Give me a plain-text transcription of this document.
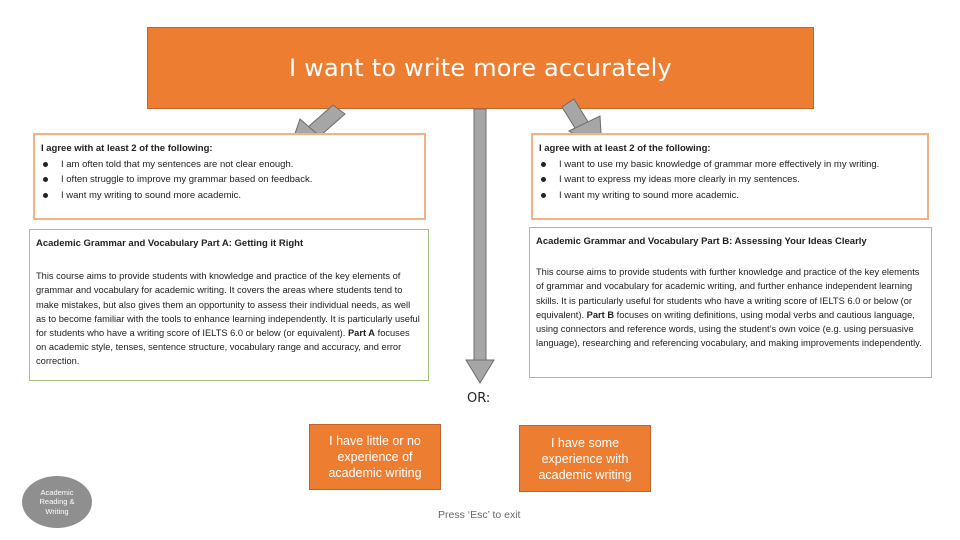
I want to write more accurately
I agree with at least 2 of the following:
I am often told that my sentences are not clear enough.
I often struggle to improve my grammar based on feedback.
I want my writing to sound more academic.
I agree with at least 2 of the following:
I want to use my basic knowledge of grammar more effectively in my writing.
I want to express my ideas more clearly in my sentences.
I want my writing to sound more academic.
Academic Grammar and Vocabulary Part A: Getting it Right
This course aims to provide students with knowledge and practice of the key elements of grammar and vocabulary for academic writing. It covers the areas where students tend to make mistakes, but also gives them an opportunity to assess their individual needs, as well as to become familiar with the tools to enhance learning independently. It is particularly useful for students who have a writing score of IELTS 6.0 or below (or equivalent). Part A focuses on academic style, tenses, sentence structure, vocabulary range and accuracy, and error correction.
Academic Grammar and Vocabulary Part B: Assessing Your Ideas Clearly
This course aims to provide students with further knowledge and practice of the key elements of grammar and vocabulary for academic writing, and further enhance independent learning skills. It is particularly useful for students who have a writing score of IELTS 6.0 or below (or equivalent). Part B focuses on writing definitions, using modal verbs and cautious language, using connectors and reference words, using the student’s own voice (e.g. using persuasive language), researching and referencing vocabulary, and making improvements independently.
OR:
I have little or no experience of academic writing
I have some experience with academic writing
Academic Reading & Writing	Press ‘Esc’ to exit
